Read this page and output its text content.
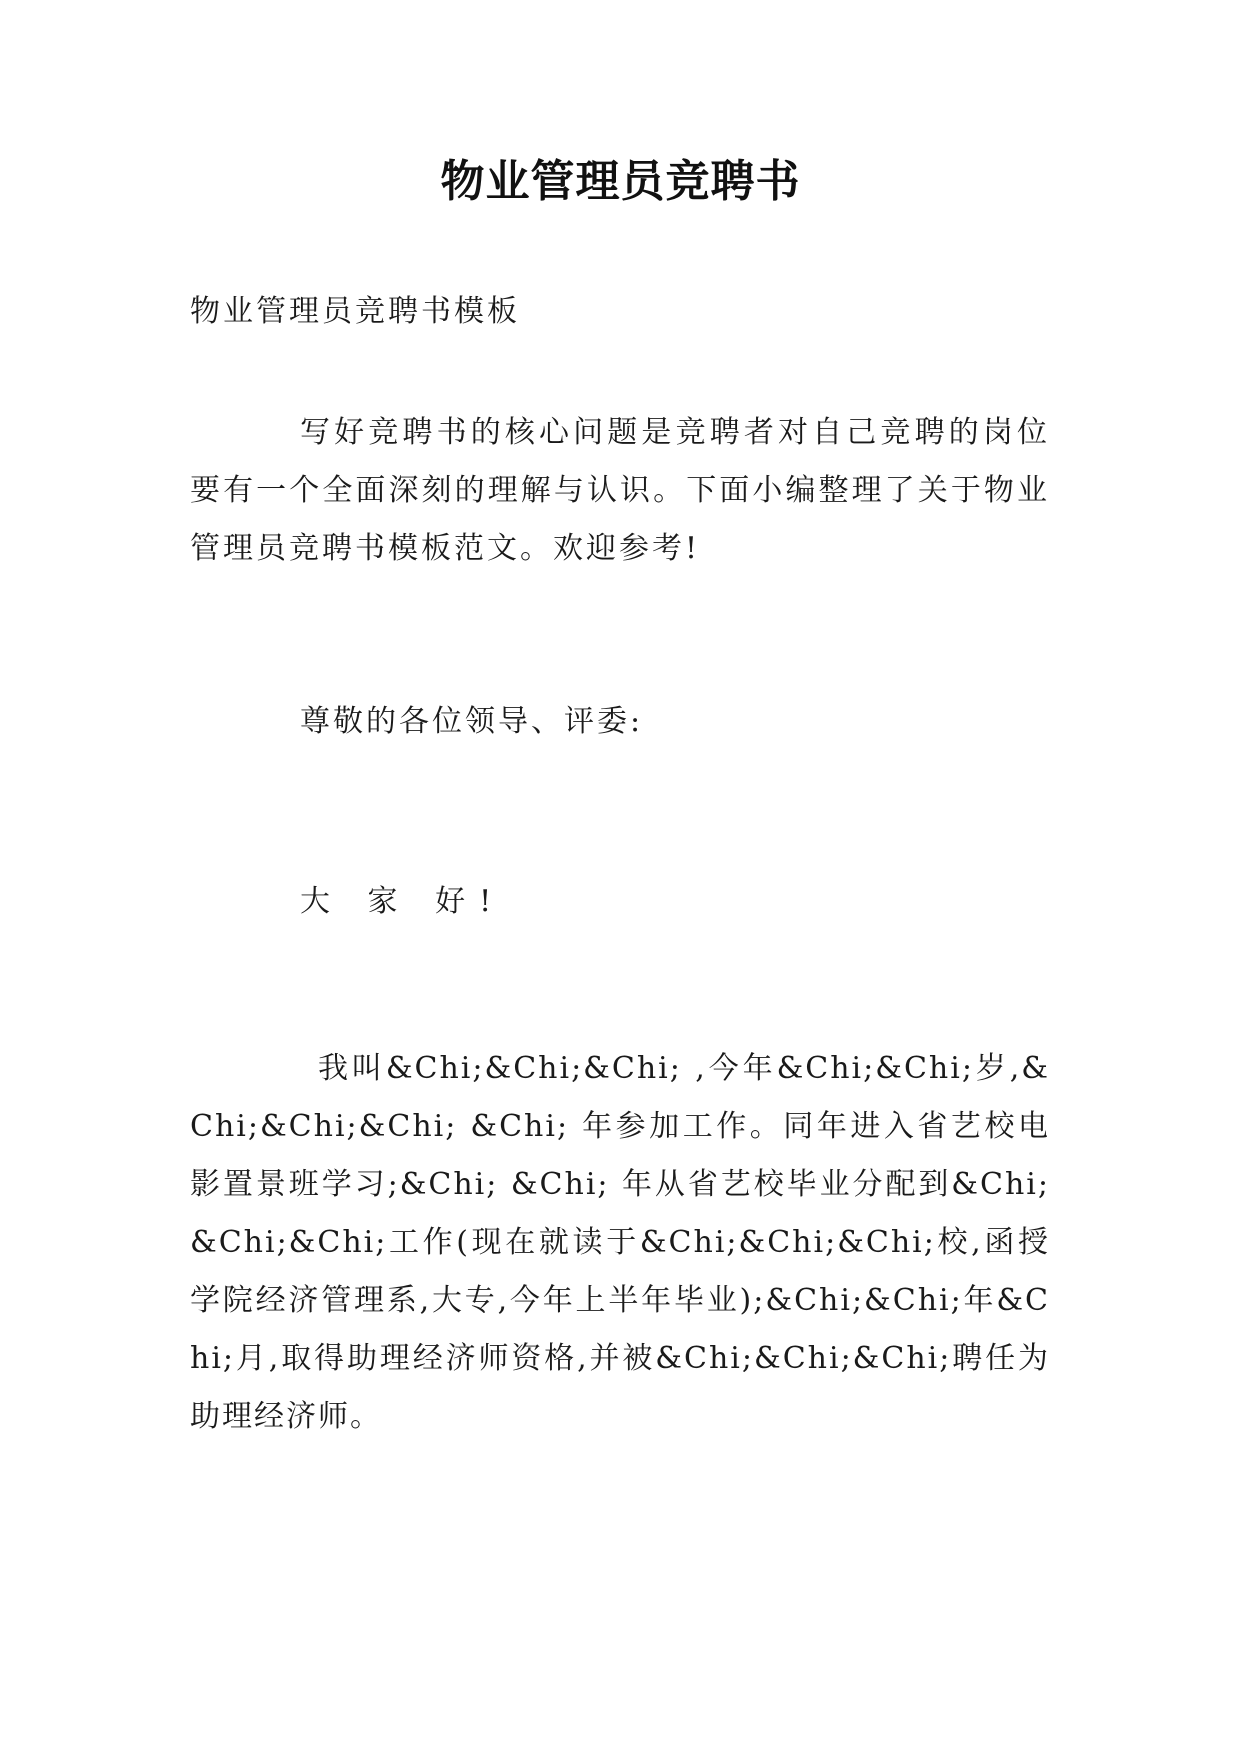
物业管理员竞聘书
物业管理员竞聘书模板
写好竞聘书的核心问题是竞聘者对自己竞聘的岗位要有一个全面深刻的理解与认识。下面小编整理了关于物业管理员竞聘书模板范文。欢迎参考!
尊敬的各位领导、评委:
大 家 好!
我叫&Chi;&Chi;&Chi; ,今年&Chi;&Chi;岁,&Chi;&Chi;&Chi; &Chi; 年参加工作。同年进入省艺校电影置景班学习;&Chi; &Chi; 年从省艺校毕业分配到&Chi;&Chi;&Chi;工作(现在就读于&Chi;&Chi;&Chi;校,函授学院经济管理系,大专,今年上半年毕业);&Chi;&Chi;年&Chi;月,取得助理经济师资格,并被&Chi;&Chi;&Chi;聘任为助理经济师。
